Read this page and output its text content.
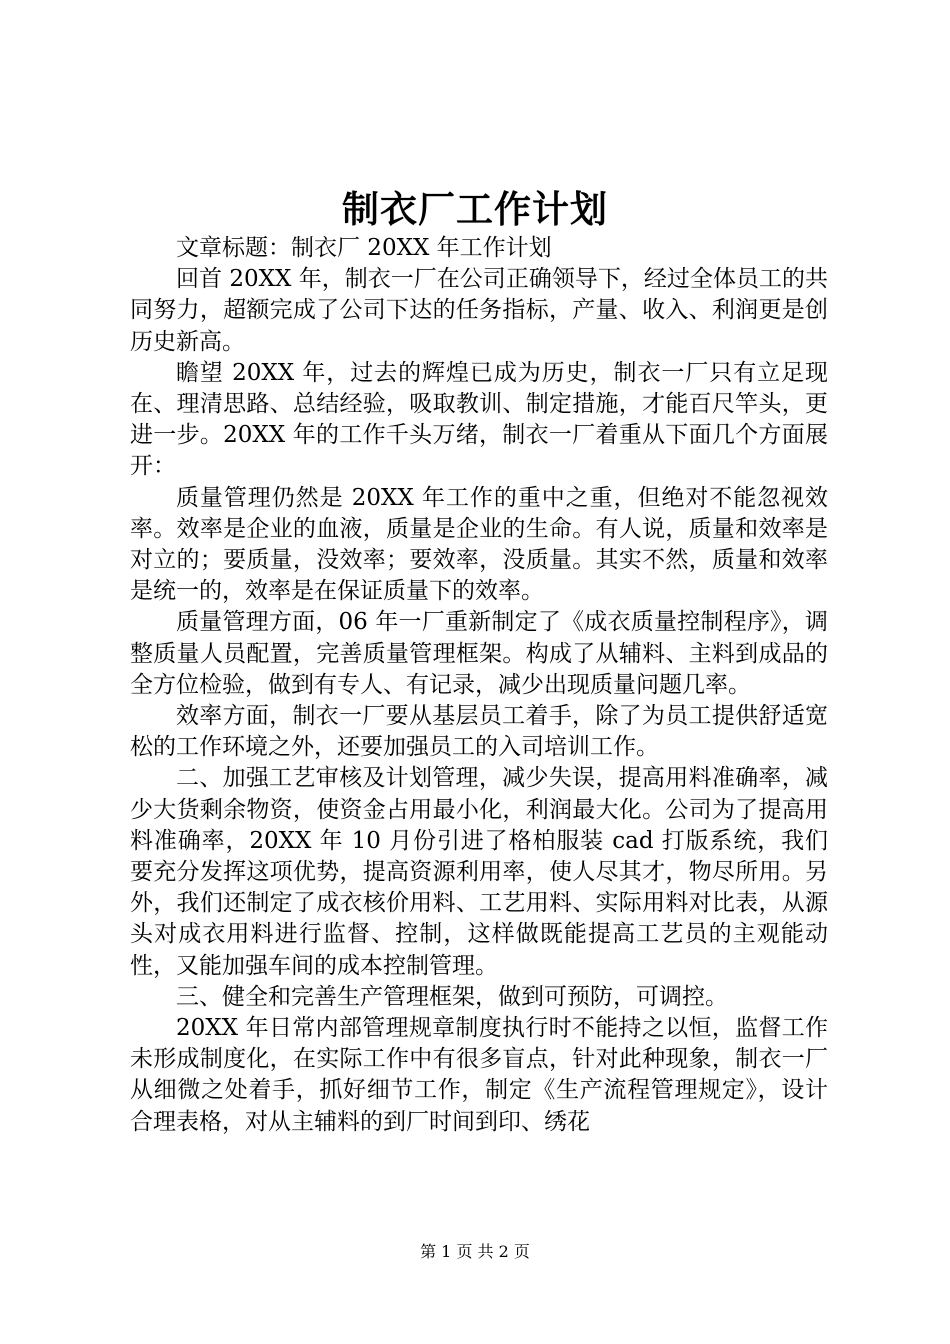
制衣厂工作计划

文章标题：制衣厂 20XX 年工作计划

回首 20XX 年，制衣一厂在公司正确领导下，经过全体员工的共同努力，超额完成了公司下达的任务指标，产量、收入、利润更是创历史新高。

瞻望 20XX 年，过去的辉煌已成为历史，制衣一厂只有立足现在、理清思路、总结经验，吸取教训、制定措施，才能百尺竿头，更进一步。20XX 年的工作千头万绪，制衣一厂着重从下面几个方面展开：

质量管理仍然是 20XX 年工作的重中之重，但绝对不能忽视效率。效率是企业的血液，质量是企业的生命。有人说，质量和效率是对立的；要质量，没效率；要效率，没质量。其实不然，质量和效率是统一的，效率是在保证质量下的效率。

质量管理方面，06 年一厂重新制定了《成衣质量控制程序》，调整质量人员配置，完善质量管理框架。构成了从辅料、主料到成品的全方位检验，做到有专人、有记录，减少出现质量问题几率。

效率方面，制衣一厂要从基层员工着手，除了为员工提供舒适宽松的工作环境之外，还要加强员工的入司培训工作。

二、加强工艺审核及计划管理，减少失误，提高用料准确率，减少大货剩余物资，使资金占用最小化，利润最大化。公司为了提高用料准确率，20XX 年 10 月份引进了格柏服装 cad 打版系统，我们要充分发挥这项优势，提高资源利用率，使人尽其才，物尽所用。另外，我们还制定了成衣核价用料、工艺用料、实际用料对比表，从源头对成衣用料进行监督、控制，这样做既能提高工艺员的主观能动性，又能加强车间的成本控制管理。

三、健全和完善生产管理框架，做到可预防，可调控。

20XX 年日常内部管理规章制度执行时不能持之以恒，监督工作未形成制度化，在实际工作中有很多盲点，针对此种现象，制衣一厂从细微之处着手，抓好细节工作，制定《生产流程管理规定》，设计合理表格，对从主辅料的到厂时间到印、绣花

第 1 页 共 2 页
